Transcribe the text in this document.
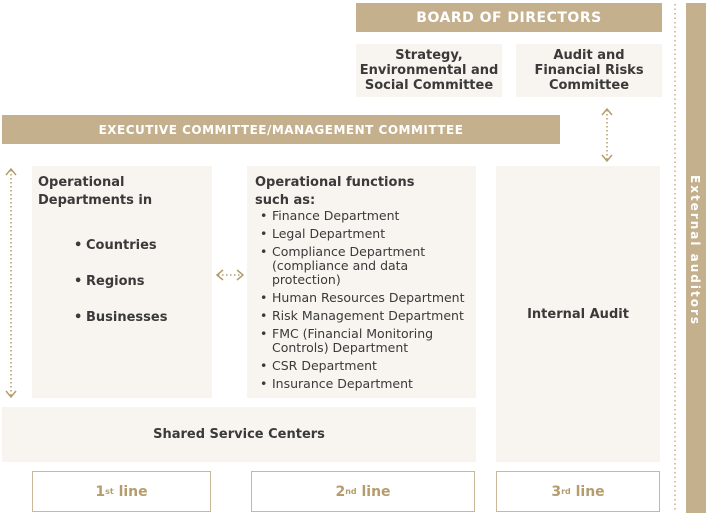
BOARD OF DIRECTORS
Strategy, Environmental and Social Committee
Audit and Financial Risks Committee
EXECUTIVE COMMITTEE/MANAGEMENT COMMITTEE
Operational Departments in
• Countries
• Regions
• Businesses
Operational functions such as:
• Finance Department
• Legal Department
• Compliance Department (compliance and data protection)
• Human Resources Department
• Risk Management Department
• FMC (Financial Monitoring Controls) Department
• CSR Department
• Insurance Department
Internal Audit
Shared Service Centers
1 st
line	2 nd
line	3 rd
line
External auditors
